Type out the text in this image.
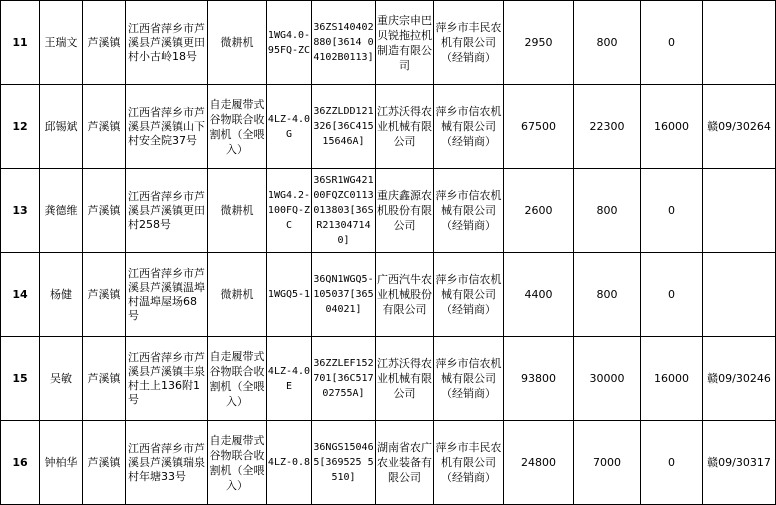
11	王瑞文	芦溪镇	江西省萍乡市芦溪县芦溪镇更田村小古岭18号	微耕机	1WG4.0-95FQ-ZC	36ZS140402880[3614 04102B0113]	重庆宗申巴贝锐拖拉机制造有限公司	萍乡市丰民农机有限公司（经销商）	2950	800	0	
12	邱锡斌	芦溪镇	江西省萍乡市芦溪县芦溪镇山下村安全院37号	自走履带式谷物联合收割机（全喂入）	4LZ-4.0G	36ZZLDD121326[36C41515646A]	江苏沃得农业机械有限公司	萍乡市信农机械有限公司（经销商）	67500	22300	16000	赣09/30264
13	龚德维	芦溪镇	江西省萍乡市芦溪县芦溪镇更田村258号	微耕机	1WG4.2-100FQ-ZC	36SR1WG42100FQZC0113013803[36SR213047140]	重庆鑫源农机股份有限公司	萍乡市信农机械有限公司（经销商）	2600	800	0	
14	杨健	芦溪镇	江西省萍乡市芦溪县芦溪镇温埠村温埠屋场68号	微耕机	1WGQ5-1	36QN1WGQ5-105037[36504021]	广西汽牛农业机械股份有限公司	萍乡市信农机械有限公司（经销商）	4400	800	0	
15	吴敏	芦溪镇	江西省萍乡市芦溪县芦溪镇丰泉村土上136附1号	自走履带式谷物联合收割机（全喂入）	4LZ-4.0E	36ZZLEF152701[36C51702755A]	江苏沃得农业机械有限公司	萍乡市信农机械有限公司（经销商）	93800	30000	16000	赣09/30246
16	钟柏华	芦溪镇	江西省萍乡市芦溪县芦溪镇瑞泉村年塘33号	自走履带式谷物联合收割机（全喂入）	4LZ-0.8	36NGS150465[369525 5510]	湖南省农广农业装备有限公司	萍乡市丰民农机有限公司（经销商）	24800	7000	0	赣09/30317
